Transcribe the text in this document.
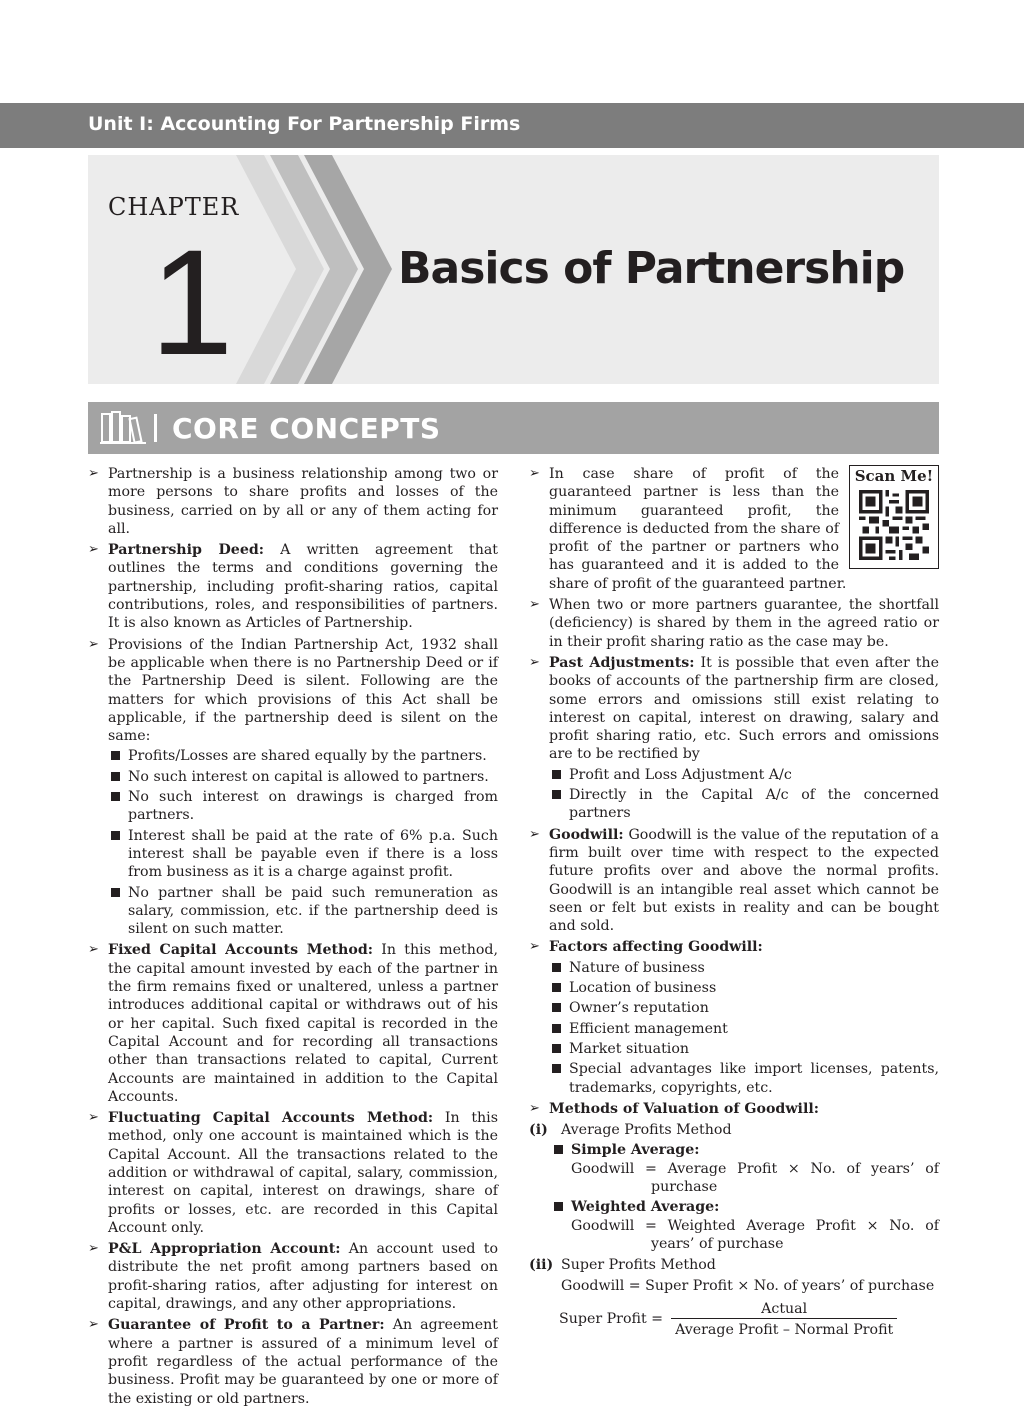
Unit I: Accounting For Partnership Firms
CHAPTER
1	Basics of Partnership
CORE CONCEPTS
➢ Partnership is a business relationship among two or more persons to share profits and losses of the business, carried on by all or any of them acting for all.
➢ Partnership Deed: A written agreement that outlines the terms and conditions governing the partnership, including profit-sharing ratios, capital contributions, roles, and responsibilities of partners. It is also known as Articles of Partnership.
➢ Provisions of the Indian Partnership Act, 1932 shall be applicable when there is no Partnership Deed or if the Partnership Deed is silent. Following are the matters for which provisions of this Act shall be applicable, if the partnership deed is silent on the same:
Profits/Losses are shared equally by the partners.
No such interest on capital is allowed to partners.
No such interest on drawings is charged from partners.
Interest shall be paid at the rate of 6% p.a. Such interest shall be payable even if there is a loss from business as it is a charge against profit.
No partner shall be paid such remuneration as salary, commission, etc. if the partnership deed is silent on such matter.
➢ Fixed Capital Accounts Method: In this method, the capital amount invested by each of the partner in the firm remains fixed or unaltered, unless a partner introduces additional capital or withdraws out of his or her capital. Such fixed capital is recorded in the Capital Account and for recording all transactions other than transactions related to capital, Current Accounts are maintained in addition to the Capital Accounts.
➢ Fluctuating Capital Accounts Method: In this method, only one account is maintained which is the Capital Account. All the transactions related to the addition or withdrawal of capital, salary, commission, interest on capital, interest on drawings, share of profits or losses, etc. are recorded in this Capital Account only.
➢ P&L Appropriation Account: An account used to distribute the net profit among partners based on profit-sharing ratios, after adjusting for interest on capital, drawings, and any other appropriations.
➢ Guarantee of Profit to a Partner: An agreement where a partner is assured of a minimum level of profit regardless of the actual performance of the business. Profit may be guaranteed by one or more of the existing or old partners.
Scan Me!
➢ In case share of profit of the guaranteed partner is less than the minimum guaranteed profit, the difference is deducted from the share of profit of the partner or partners who has guaranteed and it is added to the share of profit of the guaranteed partner.
➢ When two or more partners guarantee, the shortfall (deficiency) is shared by them in the agreed ratio or in their profit sharing ratio as the case may be.
➢ Past Adjustments: It is possible that even after the books of accounts of the partnership firm are closed, some errors and omissions still exist relating to interest on capital, interest on drawing, salary and profit sharing ratio, etc. Such errors and omissions are to be rectified by
Profit and Loss Adjustment A/c
Directly in the Capital A/c of the concerned partners
➢ Goodwill: Goodwill is the value of the reputation of a firm built over time with respect to the expected future profits over and above the normal profits. Goodwill is an intangible real asset which cannot be seen or felt but exists in reality and can be bought and sold.
➢ Factors affecting Goodwill:
Nature of business
Location of business
Owner’s reputation
Efficient management
Market situation
Special advantages like import licenses, patents, trademarks, copyrights, etc.
➢ Methods of Valuation of Goodwill:
(i) Average Profits Method
Simple Average:
Goodwill = Average Profit × No. of years’ of purchase
Weighted Average:
Goodwill = Weighted Average Profit × No. of years’ of purchase
(ii) Super Profits Method
Goodwill = Super Profit × No. of years’ of purchase
Super Profit = $\frac{\text{Actual}}{\text{Average Profit – Normal Profit}}$
